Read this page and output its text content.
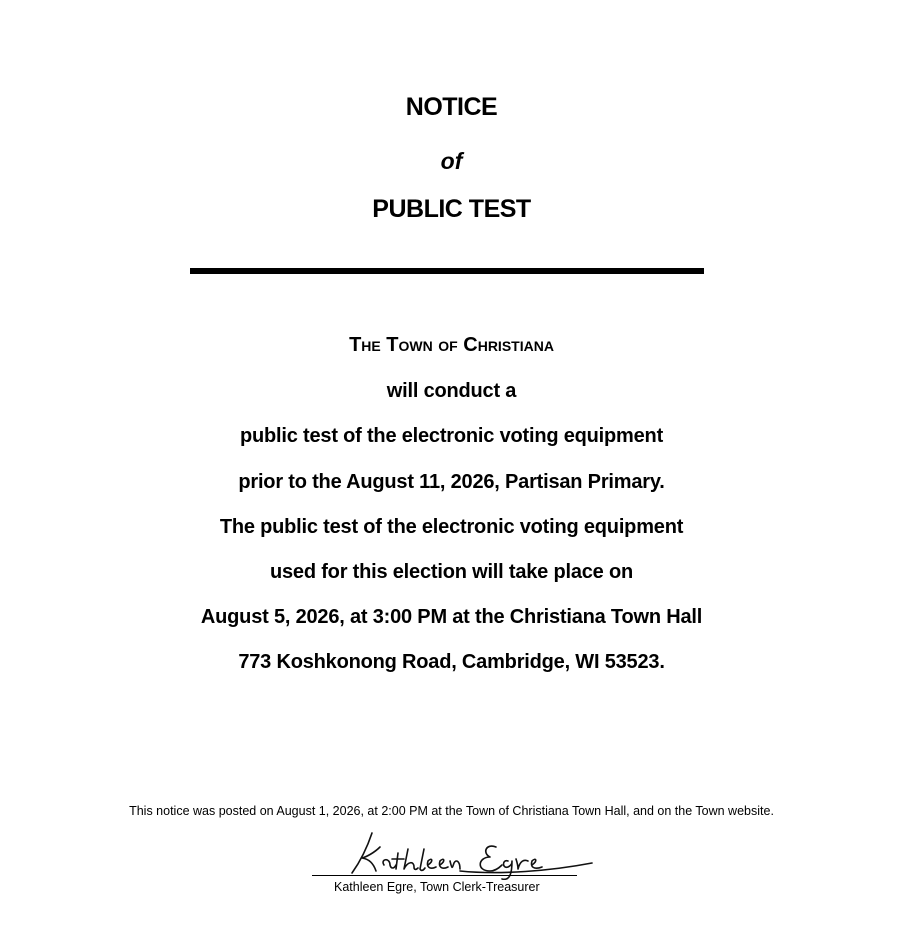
NOTICE
of
PUBLIC TEST
The Town of Christiana
will conduct a
public test of the electronic voting equipment
prior to the August 11, 2026, Partisan Primary.
The public test of the electronic voting equipment
used for this election will take place on
August 5, 2026, at 3:00 PM at the Christiana Town Hall
773 Koshkonong Road, Cambridge, WI 53523.
This notice was posted on August 1, 2026, at 2:00 PM at the Town of Christiana Town Hall, and on the Town website.
Kathleen Egre, Town Clerk-Treasurer
